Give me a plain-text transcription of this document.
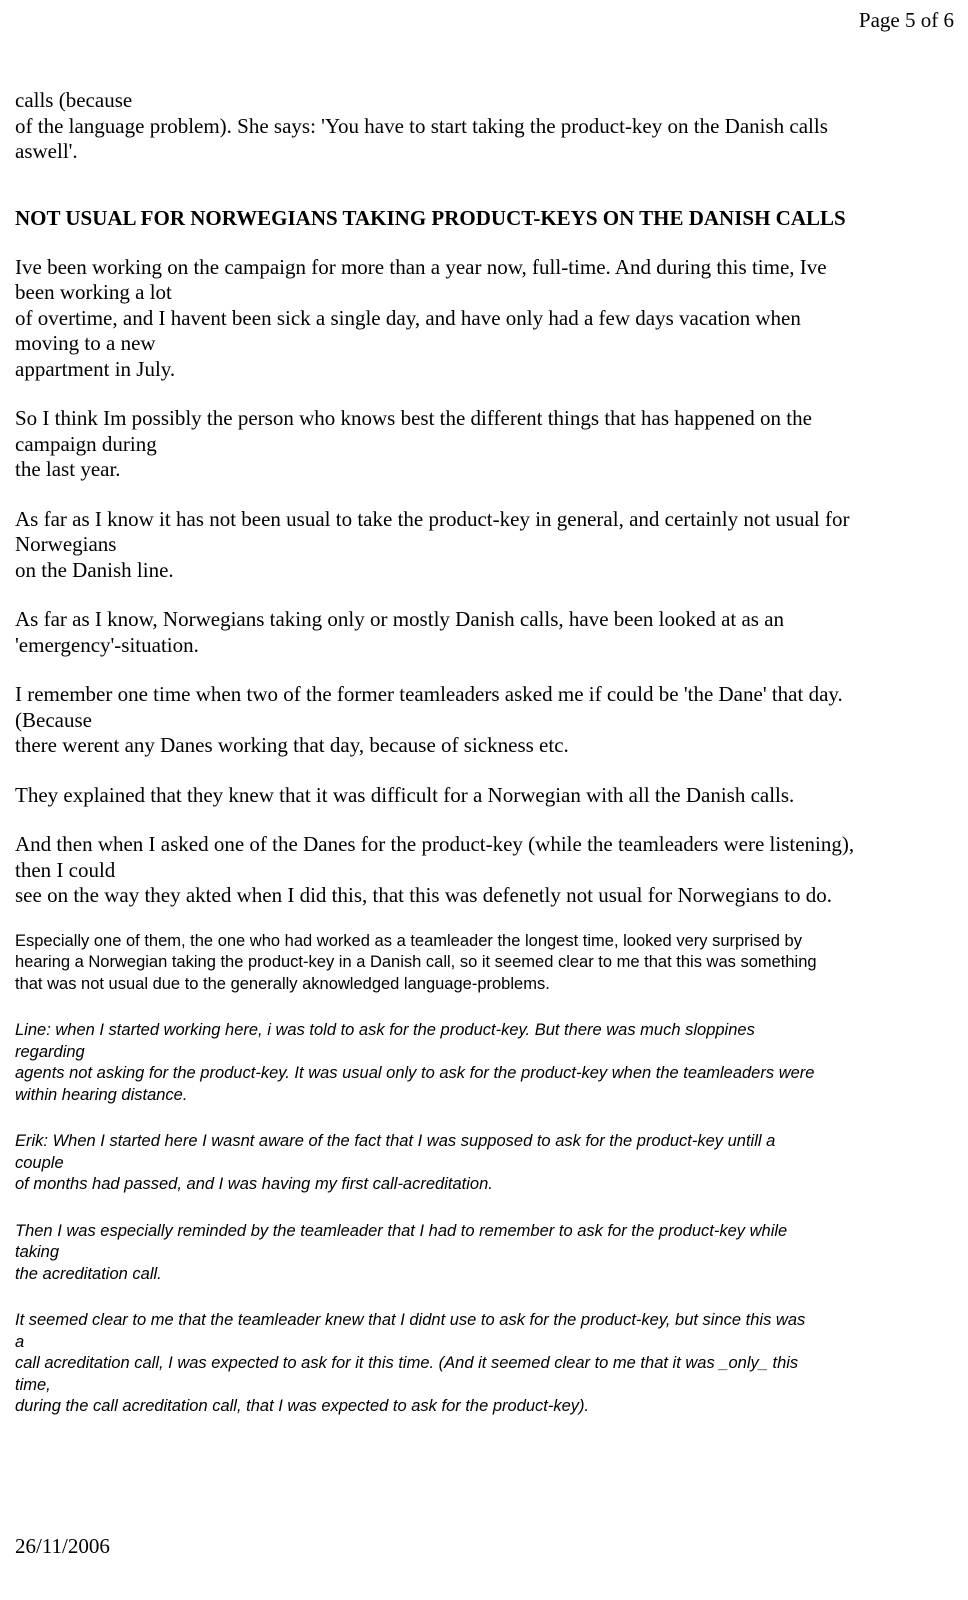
Page 5 of 6

calls (because
of the language problem). She says: 'You have to start taking the product-key on the Danish calls
aswell'.

NOT USUAL FOR NORWEGIANS TAKING PRODUCT-KEYS ON THE DANISH CALLS

Ive been working on the campaign for more than a year now, full-time. And during this time, Ive
been working a lot
of overtime, and I havent been sick a single day, and have only had a few days vacation when
moving to a new
appartment in July.

So I think Im possibly the person who knows best the different things that has happened on the
campaign during
the last year.

As far as I know it has not been usual to take the product-key in general, and certainly not usual for
Norwegians
on the Danish line.

As far as I know, Norwegians taking only or mostly Danish calls, have been looked at as an
'emergency'-situation.

I remember one time when two of the former teamleaders asked me if could be 'the Dane' that day.
(Because
there werent any Danes working that day, because of sickness etc.

They explained that they knew that it was difficult for a Norwegian with all the Danish calls.

And then when I asked one of the Danes for the product-key (while the teamleaders were listening),
then I could
see on the way they akted when I did this, that this was defenetly not usual for Norwegians to do.

Especially one of them, the one who had worked as a teamleader the longest time, looked very surprised by
hearing a Norwegian taking the product-key in a Danish call, so it seemed clear to me that this was something
that was not usual due to the generally aknowledged language-problems.

Line: when I started working here, i was told to ask for the product-key. But there was much sloppines
regarding
agents not asking for the product-key. It was usual only to ask for the product-key when the teamleaders were
within hearing distance.

Erik: When I started here I wasnt aware of the fact that I was supposed to ask for the product-key untill a
couple
of months had passed, and I was having my first call-acreditation.

Then I was especially reminded by the teamleader that I had to remember to ask for the product-key while
taking
the acreditation call.

It seemed clear to me that the teamleader knew that I didnt use to ask for the product-key, but since this was
a
call acreditation call, I was expected to ask for it this time. (And it seemed clear to me that it was _only_ this
time,
during the call acreditation call, that I was expected to ask for the product-key).

26/11/2006
